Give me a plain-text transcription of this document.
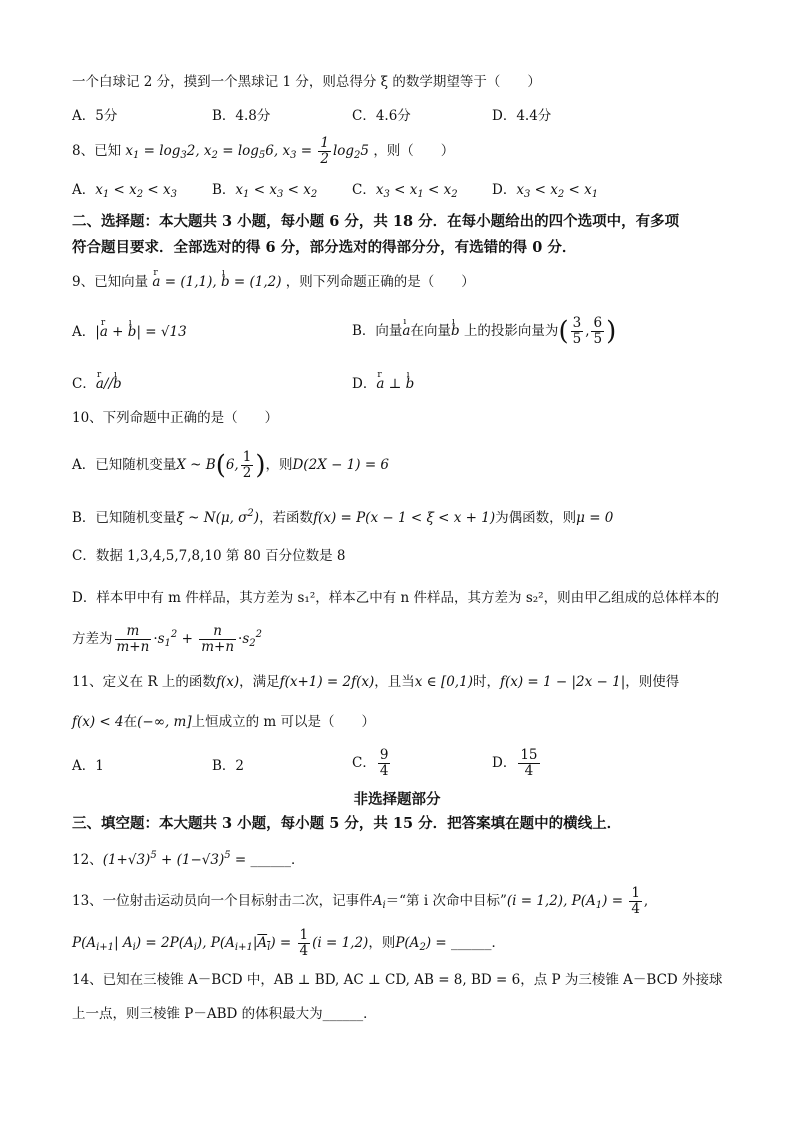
一个白球记 2 分，摸到一个黑球记 1 分，则总得分 ξ 的数学期望等于（　　）
A．5分	B．4.8分	C．4.6分	D．4.4分
8、已知 $x_1 = \log_32$, $x_2 = \log_56$, $x_3 = \frac{1}{2} \log_25$ ，则（　　）
A．$x_1 < x_2 < x_3$	B．$x_1 < x_3 < x_2$	C．$x_3 < x_1 < x_2$	D．$x_3 < x_2 < x_1$
二、选择题：本大题共 3 小题，每小题 6 分，共 18 分．在每小题给出的四个选项中，有多项
符合题目要求．全部选对的得 6 分，部分选对的得部分分，有选错的得 0 分．
9、已知向量 r a = (1,1), ı b = (1,2) ，则下列命题正确的是（　　）
A．|r a + ı b| = √13	B．向量ı a在向量ı b 上的投影向量为( $\frac{3}{5}$ , $\frac{6}{5}$ )
C．r a//ı b	D．r a ⊥ ı b
10、下列命题中正确的是（　　）
A．已知随机变量X ~ B(6, $\frac{1}{2}$ )，则D(2X − 1) = 6
B．已知随机变量ξ ~ N(μ, $\sigma^2$)，若函数f(x) = P(x − 1 < ξ < x + 1)为偶函数，则μ = 0
C．数据 1,3,4,5,7,8,10 第 80 百分位数是 8
D．样本甲中有 m 件样品，其方差为 s₁²，样本乙中有 n 件样品，其方差为 s₂²，则由甲乙组成的总体样本的
方差为 $\frac{m}{m+n} \cdot s_1^2 + \frac{n}{m+n} \cdot s_2^2$
11、定义在 R 上的函数f(x)，满足f(x+1) = 2f(x)，且当x ∈ [0,1)时，f(x) = 1 − |2x − 1|，则使得
f(x) < 4在(−∞, m]上恒成立的 m 可以是（　　）
A．1	B．2	C． $\frac{9}{4}$	D． $\frac{15}{4}$
非选择题部分
三、填空题：本大题共 3 小题，每小题 5 分，共 15 分．把答案填在题中的横线上．
12、$(1+√3)^5 + (1-√3)^5$ = ______．
13、一位射击运动员向一个目标射击二次，记事件$A_i=“$第 i 次命中目标”(i = 1,2), $P(A_1) = \frac{1}{4}$ ,
$P(A_{i+1}|$ $A_i) = 2P(A_i)$, $P(A_{i+1}|A_i) = \frac{1}{4} (i = 1,2)$，则$P(A_2)$ = ______．
14、已知在三棱锥 A－BCD 中，AB ⊥ BD, AC ⊥ CD, AB = 8, BD = 6，点 P 为三棱锥 A－BCD 外接球
上一点，则三棱锥 P－ABD 的体积最大为______．
